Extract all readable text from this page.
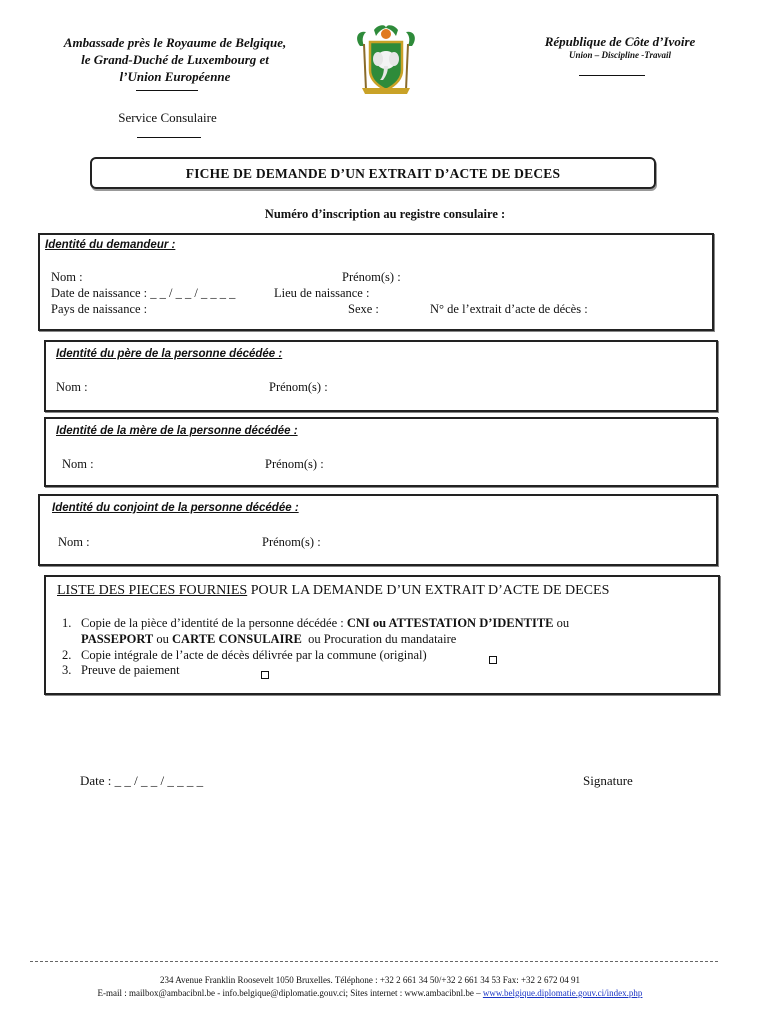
Ambassade près le Royaume de Belgique,
le Grand-Duché de Luxembourg et
l’Union Européenne
Service Consulaire
République de Côte d’Ivoire
Union – Discipline -Travail
FICHE DE DEMANDE D’UN EXTRAIT D’ACTE DE DECES
Numéro d’inscription au registre consulaire :
Identité du demandeur :
Nom :	Prénom(s) :
Date de naissance : _ _ / _ _ / _ _ _ _	Lieu de naissance :
Pays de naissance :	Sexe :	N° de l’extrait d’acte de décès :
Identité du père de la personne décédée :
Nom :	Prénom(s) :
Identité de la mère de la personne décédée :
Nom :	Prénom(s) :
Identité du conjoint de la personne décédée :
Nom :	Prénom(s) :
LISTE DES PIECES FOURNIES POUR LA DEMANDE D’UN EXTRAIT D’ACTE DE DECES
1. Copie de la pièce d’identité de la personne décédée : CNI ou ATTESTATION D’IDENTITE ou
PASSEPORT ou CARTE CONSULAIRE  ou Procuration du mandataire
2. Copie intégrale de l’acte de décès délivrée par la commune (original)
3. Preuve de paiement
Date : _ _ / _ _ / _ _ _ _	Signature
234 Avenue Franklin Roosevelt 1050 Bruxelles. Téléphone : +32 2 661 34 50/+32 2 661 34 53 Fax: +32 2 672 04 91
E-mail : mailbox@ambacibnl.be - info.belgique@diplomatie.gouv.ci; Sites internet : www.ambacibnl.be – www.belgique.diplomatie.gouv.ci/index.php
